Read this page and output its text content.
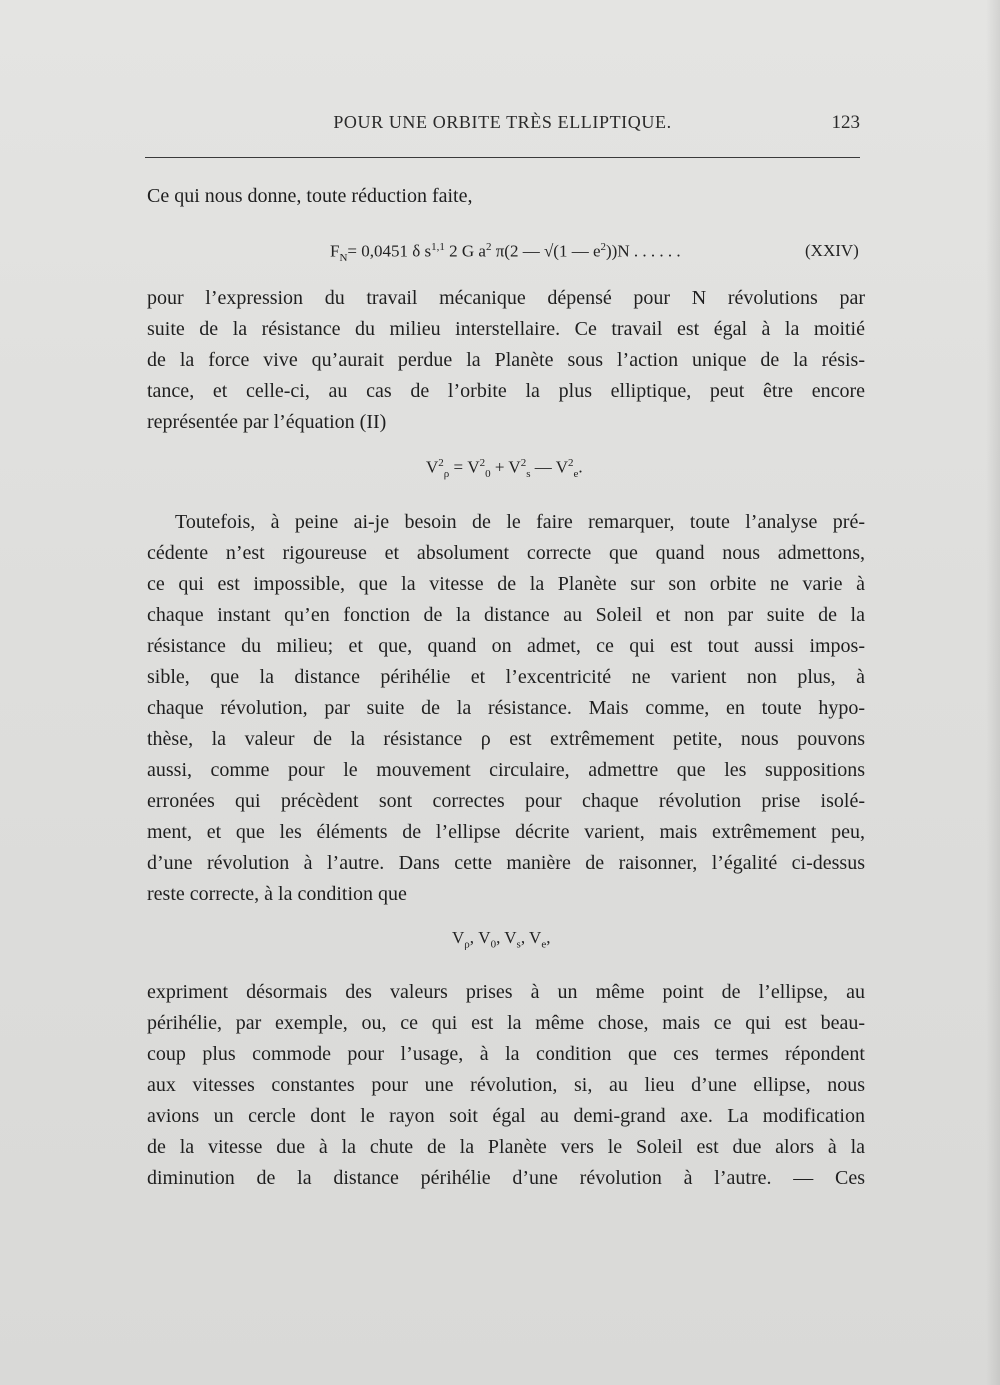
POUR UNE ORBITE TRÈS ELLIPTIQUE.	123
Ce qui nous donne, toute réduction faite,
$F_N= 0,0451$ δ $s^{1,1}$ 2 G $a^2$ π(2 — √(1 — $e^2))N$ . . . . . .	(XXIV)
pour l’expression du travail mécanique dépensé pour N révolutions par
suite de la résistance du milieu interstellaire. Ce travail est égal à la moitié
de la force vive qu’aurait perdue la Planète sous l’action unique de la résis-
tance, et celle-ci, au cas de l’orbite la plus elliptique, peut être encore
représentée par l’équation (II)
$V^2_\rho = V^2_0 + V^2_s$ — $V^2_e$.
Toutefois, à peine ai-je besoin de le faire remarquer, toute l’analyse pré-
cédente n’est rigoureuse et absolument correcte que quand nous admettons,
ce qui est impossible, que la vitesse de la Planète sur son orbite ne varie à
chaque instant qu’en fonction de la distance au Soleil et non par suite de la
résistance du milieu; et que, quand on admet, ce qui est tout aussi impos-
sible, que la distance périhélie et l’excentricité ne varient non plus, à
chaque révolution, par suite de la résistance. Mais comme, en toute hypo-
thèse, la valeur de la résistance ρ est extrêmement petite, nous pouvons
aussi, comme pour le mouvement circulaire, admettre que les suppositions
erronées qui précèdent sont correctes pour chaque révolution prise isolé-
ment, et que les éléments de l’ellipse décrite varient, mais extrêmement peu,
d’une révolution à l’autre. Dans cette manière de raisonner, l’égalité ci-dessus
reste correcte, à la condition que
$V_\rho$, $V_0$, $V_s$, $V_e$,
expriment désormais des valeurs prises à un même point de l’ellipse, au
périhélie, par exemple, ou, ce qui est la même chose, mais ce qui est beau-
coup plus commode pour l’usage, à la condition que ces termes répondent
aux vitesses constantes pour une révolution, si, au lieu d’une ellipse, nous
avions un cercle dont le rayon soit égal au demi-grand axe. La modification
de la vitesse due à la chute de la Planète vers le Soleil est due alors à la
diminution de la distance périhélie d’une révolution à l’autre. — Ces
